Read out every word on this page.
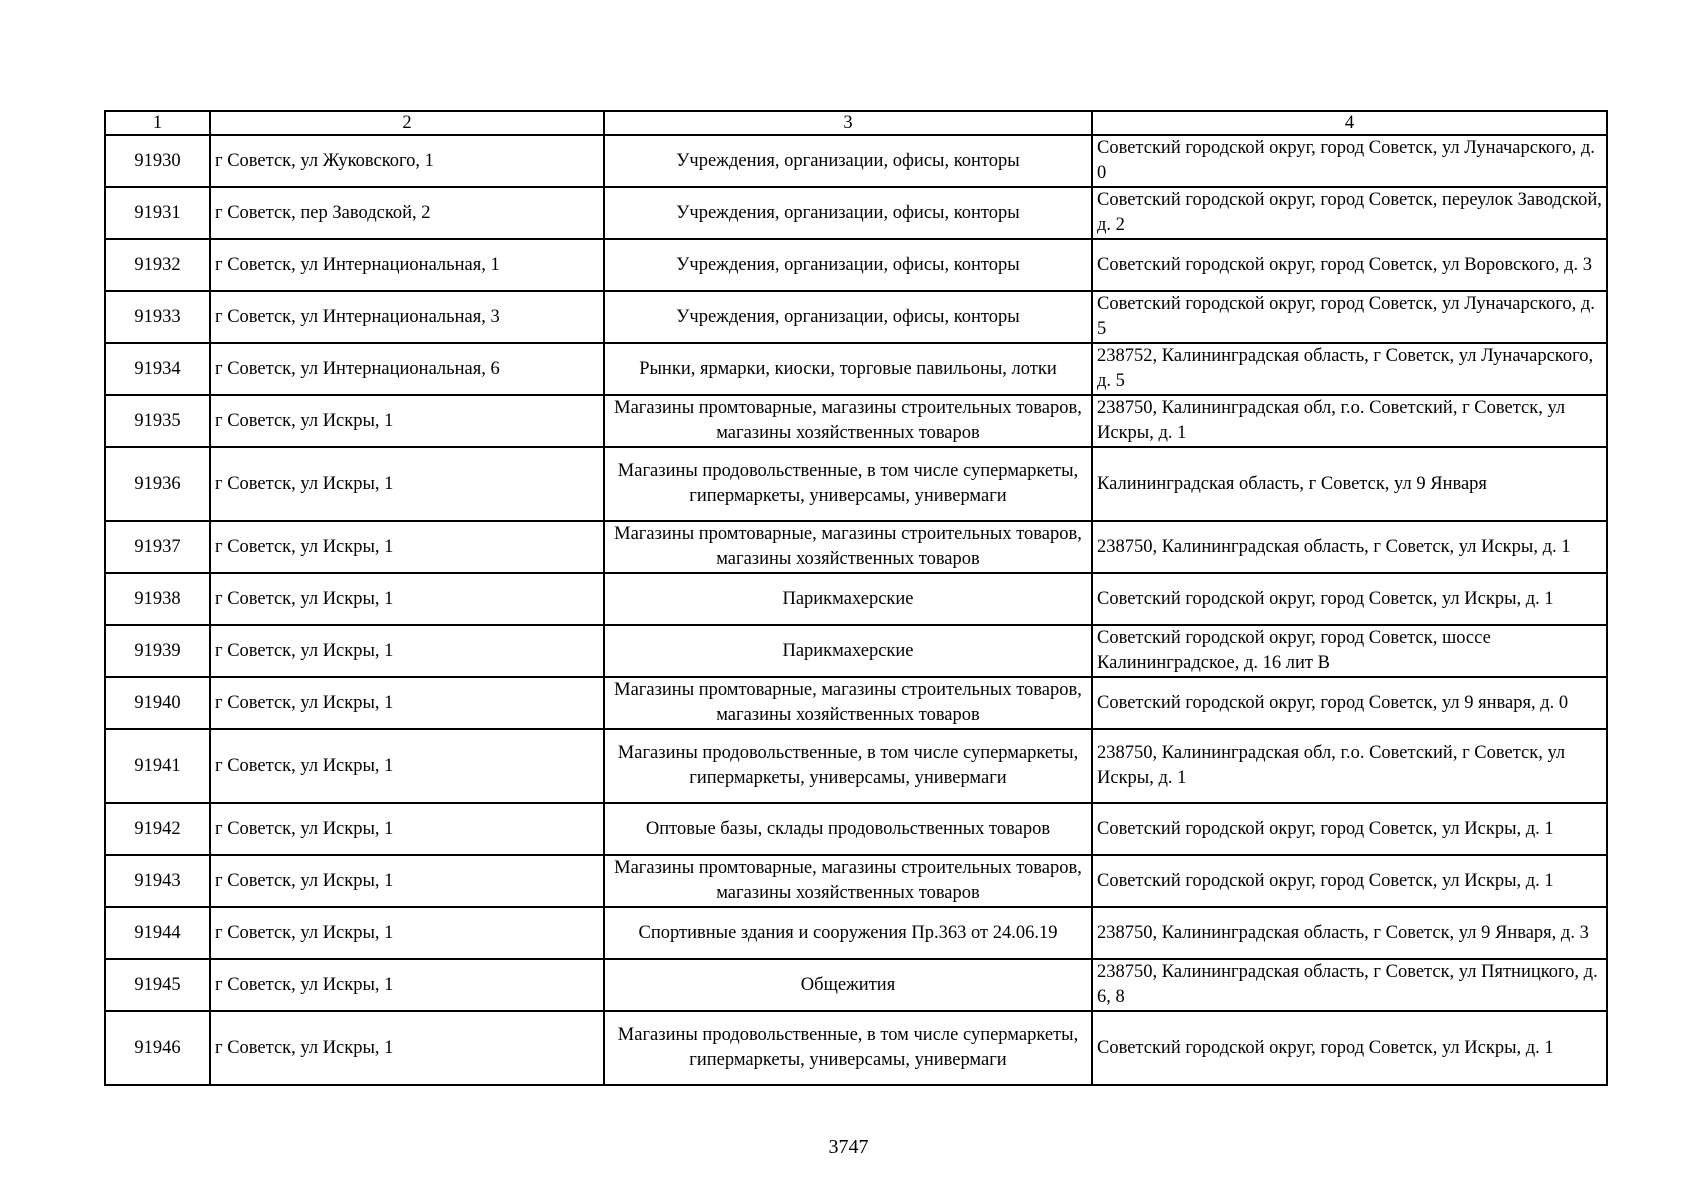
1	2	3	4
91930	г Советск, ул Жуковского, 1	Учреждения, организации, офисы, конторы	Советский городской округ, город Советск, ул Луначарского, д. 0
91931	г Советск, пер Заводской, 2	Учреждения, организации, офисы, конторы	Советский городской округ, город Советск, переулок Заводской, д. 2
91932	г Советск, ул Интернациональная, 1	Учреждения, организации, офисы, конторы	Советский городской округ, город Советск, ул Воровского, д. 3
91933	г Советск, ул Интернациональная, 3	Учреждения, организации, офисы, конторы	Советский городской округ, город Советск, ул Луначарского, д. 5
91934	г Советск, ул Интернациональная, 6	Рынки, ярмарки, киоски, торговые павильоны, лотки	238752, Калининградская область, г Советск, ул Луначарского, д. 5
91935	г Советск, ул Искры, 1	Магазины промтоварные, магазины строительных товаров, магазины хозяйственных товаров	238750, Калининградская обл, г.о. Советский, г Советск, ул Искры, д. 1
91936	г Советск, ул Искры, 1	Магазины продовольственные, в том числе супермаркеты, гипермаркеты, универсамы, универмаги	Калининградская область, г Советск, ул 9 Января
91937	г Советск, ул Искры, 1	Магазины промтоварные, магазины строительных товаров, магазины хозяйственных товаров	238750, Калининградская область, г Советск, ул Искры, д. 1
91938	г Советск, ул Искры, 1	Парикмахерские	Советский городской округ, город Советск, ул Искры, д. 1
91939	г Советск, ул Искры, 1	Парикмахерские	Советский городской округ, город Советск, шоссе Калининградское, д. 16 лит В
91940	г Советск, ул Искры, 1	Магазины промтоварные, магазины строительных товаров, магазины хозяйственных товаров	Советский городской округ, город Советск, ул 9 января, д. 0
91941	г Советск, ул Искры, 1	Магазины продовольственные, в том числе супермаркеты, гипермаркеты, универсамы, универмаги	238750, Калининградская обл, г.о. Советский, г Советск, ул Искры, д. 1
91942	г Советск, ул Искры, 1	Оптовые базы, склады продовольственных товаров	Советский городской округ, город Советск, ул Искры, д. 1
91943	г Советск, ул Искры, 1	Магазины промтоварные, магазины строительных товаров, магазины хозяйственных товаров	Советский городской округ, город Советск, ул Искры, д. 1
91944	г Советск, ул Искры, 1	Спортивные здания и сооружения Пр.363 от 24.06.19	238750, Калининградская область, г Советск, ул 9 Января, д. 3
91945	г Советск, ул Искры, 1	Общежития	238750, Калининградская область, г Советск, ул Пятницкого, д. 6, 8
91946	г Советск, ул Искры, 1	Магазины продовольственные, в том числе супермаркеты, гипермаркеты, универсамы, универмаги	Советский городской округ, город Советск, ул Искры, д. 1
3747
